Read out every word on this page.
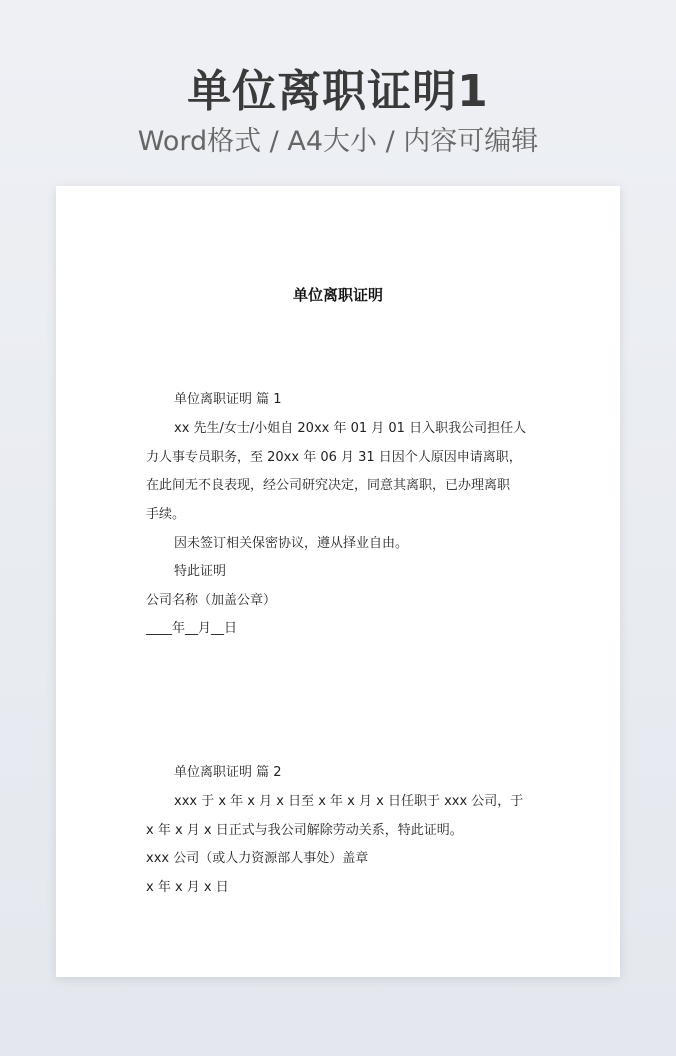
单位离职证明1
Word格式 / A4大小 / 内容可编辑
单位离职证明
单位离职证明 篇 1
xx 先生/女士/小姐自 20xx 年 01 月 01 日入职我公司担任人
力人事专员职务，至 20xx 年 06 月 31 日因个人原因申请离职，
在此间无不良表现，经公司研究决定，同意其离职，已办理离职
手续。
因未签订相关保密协议，遵从择业自由。
特此证明
公司名称（加盖公章）
____年__月__日
单位离职证明 篇 2
xxx 于 x 年 x 月 x 日至 x 年 x 月 x 日任职于 xxx 公司，于
x 年 x 月 x 日正式与我公司解除劳动关系，特此证明。
xxx 公司（或人力资源部人事处）盖章
x 年 x 月 x 日
